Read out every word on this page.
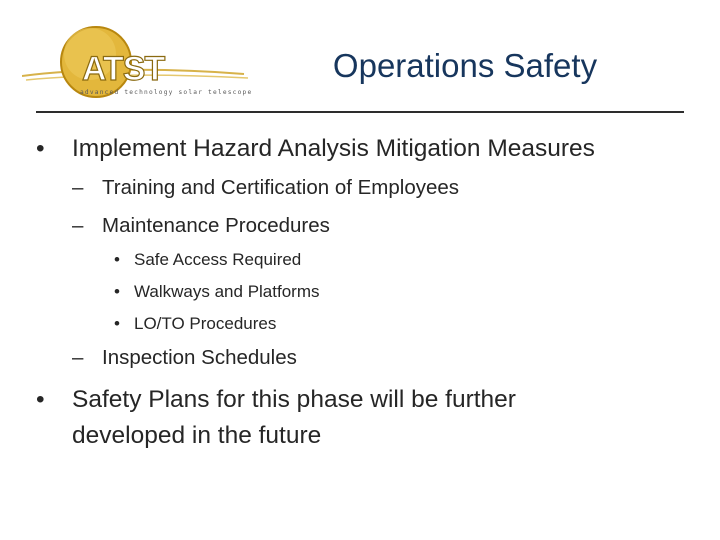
ATST
advanced technology solar telescope
Operations Safety
• Implement Hazard Analysis Mitigation Measures
– Training and Certification of Employees
– Maintenance Procedures
• Safe Access Required
• Walkways and Platforms
• LO/TO Procedures
– Inspection Schedules
• Safety Plans for this phase will be further
developed in the future
